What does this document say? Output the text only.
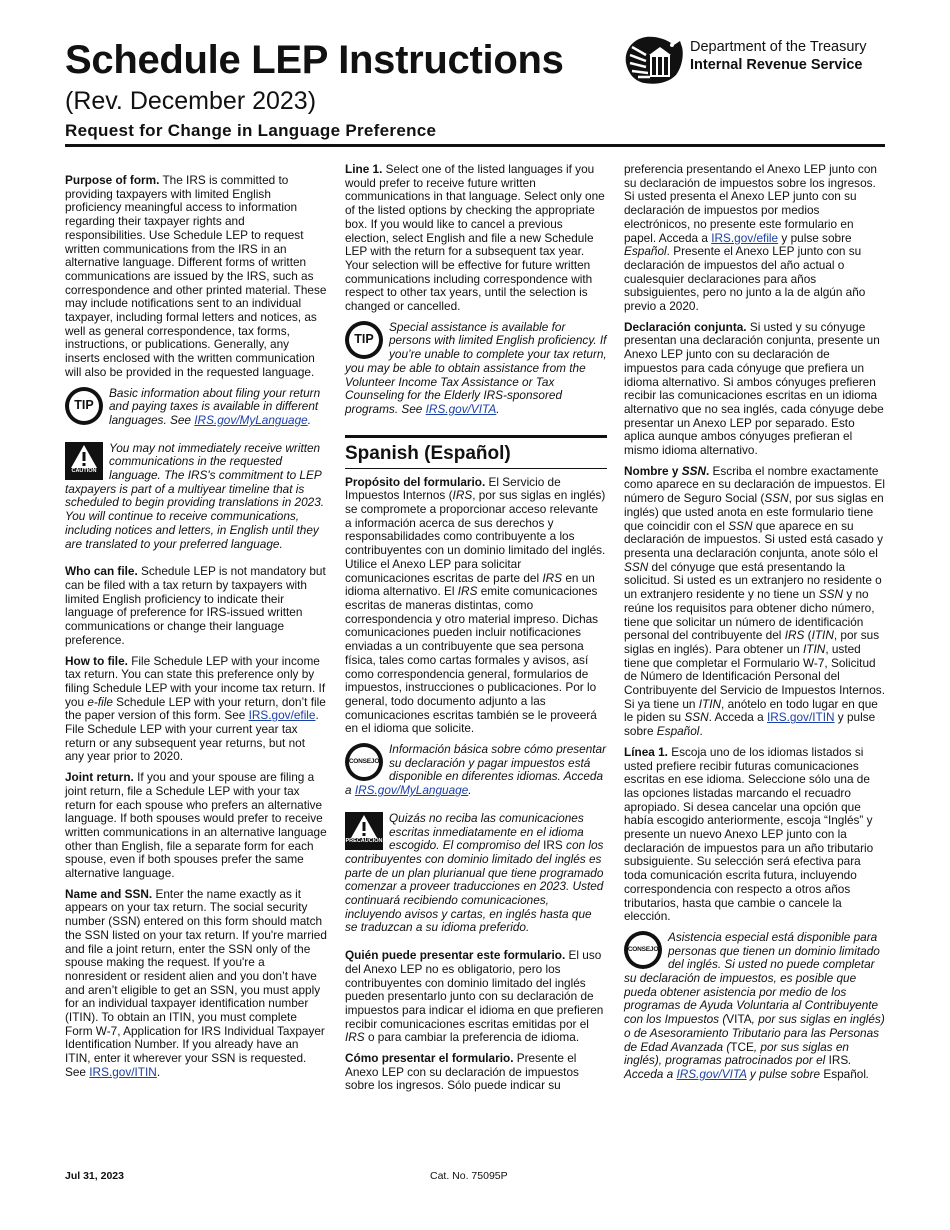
Schedule LEP Instructions
(Rev. December 2023)
Request for Change in Language Preference
Department of the Treasury
Internal Revenue Service

Purpose of form. The IRS is committed to providing taxpayers with limited English proficiency meaningful access to information regarding their taxpayer rights and responsibilities. Use Schedule LEP to request written communications from the IRS in an alternative language. Different forms of written communications are issued by the IRS, such as correspondence and other printed material. These may include notifications sent to an individual taxpayer, including formal letters and notices, as well as general correspondence, tax forms, instructions, or publications. Generally, any inserts enclosed with the written communication will also be provided in the requested language.

TIP
Basic information about filing your return and paying taxes is available in different languages. See IRS.gov/MyLanguage.
CAUTION
You may not immediately receive written communications in the requested language. The IRS's commitment to LEP taxpayers is part of a multiyear timeline that is scheduled to begin providing translations in 2023. You will continue to receive communications, including notices and letters, in English until they are translated to your preferred language.

Who can file. Schedule LEP is not mandatory but can be filed with a tax return by taxpayers with limited English proficiency to indicate their language of preference for IRS-issued written communications or change their language preference.

How to file. File Schedule LEP with your income tax return. You can state this preference only by filing Schedule LEP with your income tax return. If you e-file Schedule LEP with your return, don’t file the paper version of this form. See IRS.gov/efile. File Schedule LEP with your current year tax return or any subsequent year returns, but not any year prior to 2020.

Joint return. If you and your spouse are filing a joint return, file a Schedule LEP with your tax return for each spouse who prefers an alternative language. If both spouses would prefer to receive written communications in an alternative language other than English, file a separate form for each spouse, even if both spouses prefer the same alternative language.

Name and SSN. Enter the name exactly as it appears on your tax return. The social security number (SSN) entered on this form should match the SSN listed on your tax return. If you're married and file a joint return, enter the SSN only of the spouse making the request. If you're a nonresident or resident alien and you don’t have and aren’t eligible to get an SSN, you must apply for an individual taxpayer identification number (ITIN). To obtain an ITIN, you must complete Form W-7, Application for IRS Individual Taxpayer Identification Number. If you already have an ITIN, enter it wherever your SSN is requested. See IRS.gov/ITIN.

Line 1. Select one of the listed languages if you would prefer to receive future written communications in that language. Select only one of the listed options by checking the appropriate box. If you would like to cancel a previous election, select English and file a new Schedule LEP with the return for a subsequent tax year. Your selection will be effective for future written communications including correspondence with respect to other tax years, until the selection is changed or cancelled.

TIP
Special assistance is available for persons with limited English proficiency. If you’re unable to complete your tax return, you may be able to obtain assistance from the Volunteer Income Tax Assistance or Tax Counseling for the Elderly IRS-sponsored programs. See IRS.gov/VITA.
Spanish (Español)

Propósito del formulario. El Servicio de Impuestos Internos (IRS, por sus siglas en inglés) se compromete a proporcionar acceso relevante a información acerca de sus derechos y responsabilidades como contribuyente a los contribuyentes con un dominio limitado del inglés. Utilice el Anexo LEP para solicitar comunicaciones escritas de parte del IRS en un idioma alternativo. El IRS emite comunicaciones escritas de maneras distintas, como correspondencia y otro material impreso. Dichas comunicaciones pueden incluir notificaciones enviadas a un contribuyente que sea persona física, tales como cartas formales y avisos, así como correspondencia general, formularios de impuestos, instrucciones o publicaciones. Por lo general, todo documento adjunto a las comunicaciones escritas también se le proveerá en el idioma que solicite.

CONSEJO
Información básica sobre cómo presentar su declaración y pagar impuestos está disponible en diferentes idiomas. Acceda a IRS.gov/MyLanguage.
PRECAUCIÓN
Quizás no reciba las comunicaciones escritas inmediatamente en el idioma escogido. El compromiso del IRS con los contribuyentes con dominio limitado del inglés es parte de un plan plurianual que tiene programado comenzar a proveer traducciones en 2023. Usted continuará recibiendo comunicaciones, incluyendo avisos y cartas, en inglés hasta que se traduzcan a su idioma preferido.

Quién puede presentar este formulario. El uso del Anexo LEP no es obligatorio, pero los contribuyentes con dominio limitado del inglés pueden presentarlo junto con su declaración de impuestos para indicar el idioma en que prefieren recibir comunicaciones escritas emitidas por el IRS o para cambiar la preferencia de idioma.

Cómo presentar el formulario. Presente el Anexo LEP con su declaración de impuestos sobre los ingresos. Sólo puede indicar su

preferencia presentando el Anexo LEP junto con su declaración de impuestos sobre los ingresos. Si usted presenta el Anexo LEP junto con su declaración de impuestos por medios electrónicos, no presente este formulario en papel. Acceda a IRS.gov/efile y pulse sobre Español. Presente el Anexo LEP junto con su declaración de impuestos del año actual o cualesquier declaraciones para años subsiguientes, pero no junto a la de algún año previo a 2020.

Declaración conjunta. Si usted y su cónyuge presentan una declaración conjunta, presente un Anexo LEP junto con su declaración de impuestos para cada cónyuge que prefiera un idioma alternativo. Si ambos cónyuges prefieren recibir las comunicaciones escritas en un idioma alternativo que no sea inglés, cada cónyuge debe presentar un Anexo LEP por separado. Esto aplica aunque ambos cónyuges prefieran el mismo idioma alternativo.

Nombre y SSN. Escriba el nombre exactamente como aparece en su declaración de impuestos. El número de Seguro Social (SSN, por sus siglas en inglés) que usted anota en este formulario tiene que coincidir con el SSN que aparece en su declaración de impuestos. Si usted está casado y presenta una declaración conjunta, anote sólo el SSN del cónyuge que está presentando la solicitud. Si usted es un extranjero no residente o un extranjero residente y no tiene un SSN y no reúne los requisitos para obtener dicho número, tiene que solicitar un número de identificación personal del contribuyente del IRS (ITIN, por sus siglas en inglés). Para obtener un ITIN, usted tiene que completar el Formulario W-7, Solicitud de Número de Identificación Personal del Contribuyente del Servicio de Impuestos Internos. Si ya tiene un ITIN, anótelo en todo lugar en que le piden su SSN. Acceda a IRS.gov/ITIN y pulse sobre Español.

Línea 1. Escoja uno de los idiomas listados si usted prefiere recibir futuras comunicaciones escritas en ese idioma. Seleccione sólo una de las opciones listadas marcando el recuadro apropiado. Si desea cancelar una opción que había escogido anteriormente, escoja “Inglés” y presente un nuevo Anexo LEP junto con la declaración de impuestos para un año tributario subsiguiente. Su selección será efectiva para toda comunicación escrita futura, incluyendo correspondencia con respecto a otros años tributarios, hasta que cambie o cancele la elección.

CONSEJO
Asistencia especial está disponible para personas que tienen un dominio limitado del inglés. Si usted no puede completar su declaración de impuestos, es posible que pueda obtener asistencia por medio de los programas de Ayuda Voluntaria al Contribuyente con los Impuestos (VITA, por sus siglas en inglés) o de Asesoramiento Tributario para las Personas de Edad Avanzada (TCE, por sus siglas en inglés), programas patrocinados por el IRS. Acceda a IRS.gov/VITA y pulse sobre Español.
Jul 31, 2023	Cat. No. 75095P
